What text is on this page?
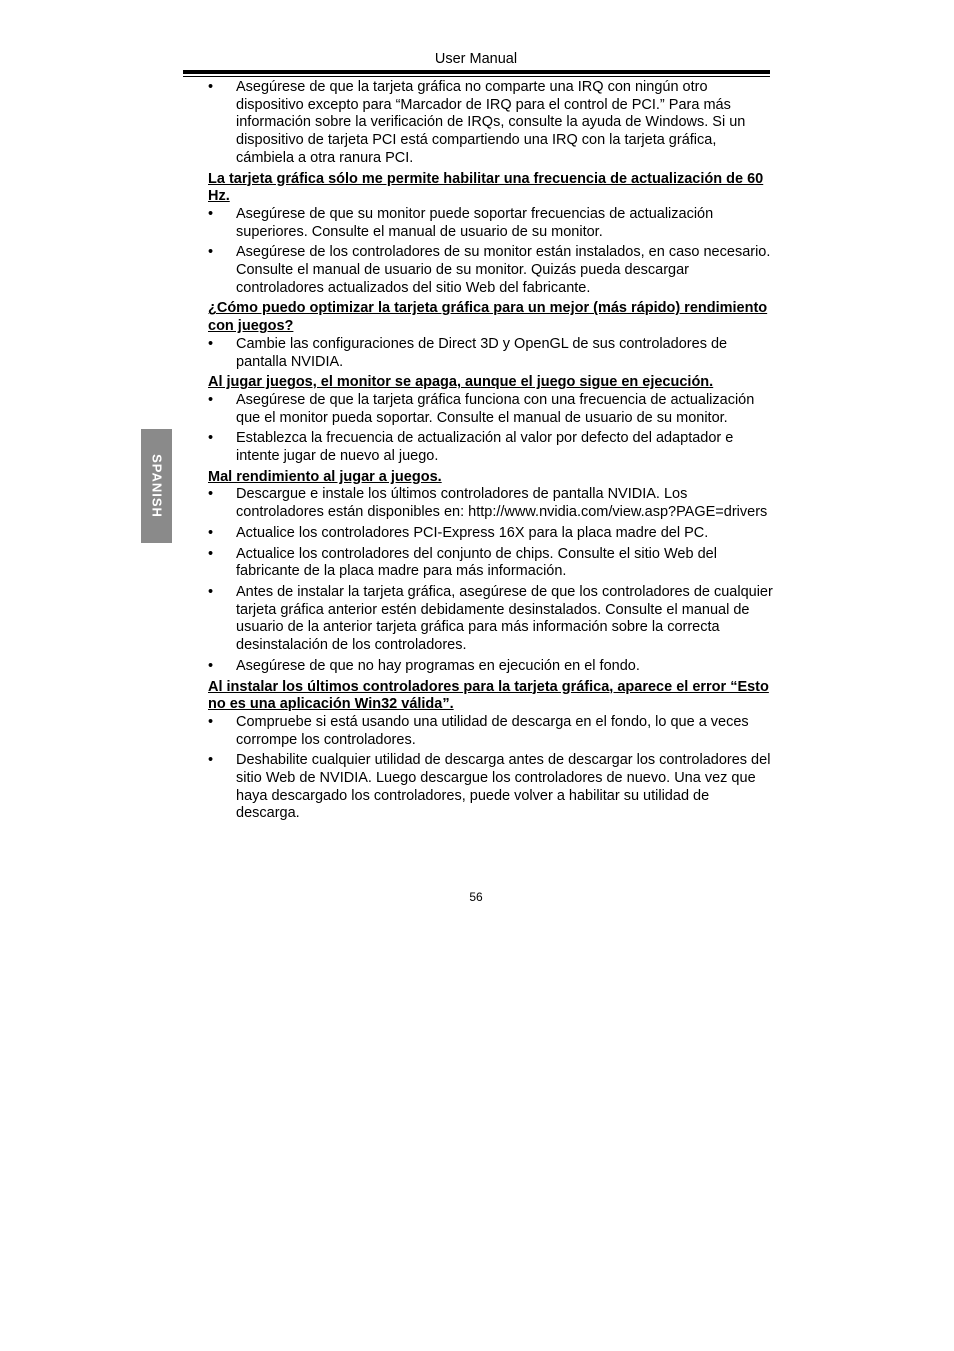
User Manual
SPANISH
•	Asegúrese de que la tarjeta gráfica no comparte una IRQ con ningún otro dispositivo excepto para “Marcador de IRQ para el control de PCI.” Para más información sobre la verificación de IRQs, consulte la ayuda de Windows. Si un dispositivo de tarjeta PCI está compartiendo una IRQ con la tarjeta gráfica, cámbiela a otra ranura PCI.

La tarjeta gráfica sólo me permite habilitar una frecuencia de actualización de 60 Hz.

•	Asegúrese de que su monitor puede soportar frecuencias de actualización superiores. Consulte el manual de usuario de su monitor.
•	Asegúrese de los controladores de su monitor están instalados, en caso necesario. Consulte el manual de usuario de su monitor. Quizás pueda descargar controladores actualizados del sitio Web del fabricante.

¿Cómo puedo optimizar la tarjeta gráfica para un mejor (más rápido) rendimiento con juegos?

•	Cambie las configuraciones de Direct 3D y OpenGL de sus controladores de pantalla NVIDIA.

Al jugar juegos, el monitor se apaga, aunque el juego sigue en ejecución.

•	Asegúrese de que la tarjeta gráfica funciona con una frecuencia de actualización que el monitor pueda soportar. Consulte el manual de usuario de su monitor.
•	Establezca la frecuencia de actualización al valor por defecto del adaptador e intente jugar de nuevo al juego.

Mal rendimiento al jugar a juegos.

•	Descargue e instale los últimos controladores de pantalla NVIDIA. Los controladores están disponibles en: http://www.nvidia.com/view.asp?PAGE=drivers
•	Actualice los controladores PCI-Express 16X para la placa madre del PC.
•	Actualice los controladores del conjunto de chips. Consulte el sitio Web del fabricante de la placa madre para más información.
•	Antes de instalar la tarjeta gráfica, asegúrese de que los controladores de cualquier tarjeta gráfica anterior estén debidamente desinstalados. Consulte el manual de usuario de la anterior tarjeta gráfica para más información sobre la correcta desinstalación de los controladores.
•	Asegúrese de que no hay programas en ejecución en el fondo.

Al instalar los últimos controladores para la tarjeta gráfica, aparece el error “Esto no es una aplicación Win32 válida”.

•	Compruebe si está usando una utilidad de descarga en el fondo, lo que a veces corrompe los controladores.
•	Deshabilite cualquier utilidad de descarga antes de descargar los controladores del sitio Web de NVIDIA. Luego descargue los controladores de nuevo. Una vez que haya descargado los controladores, puede volver a habilitar su utilidad de descarga.
56
